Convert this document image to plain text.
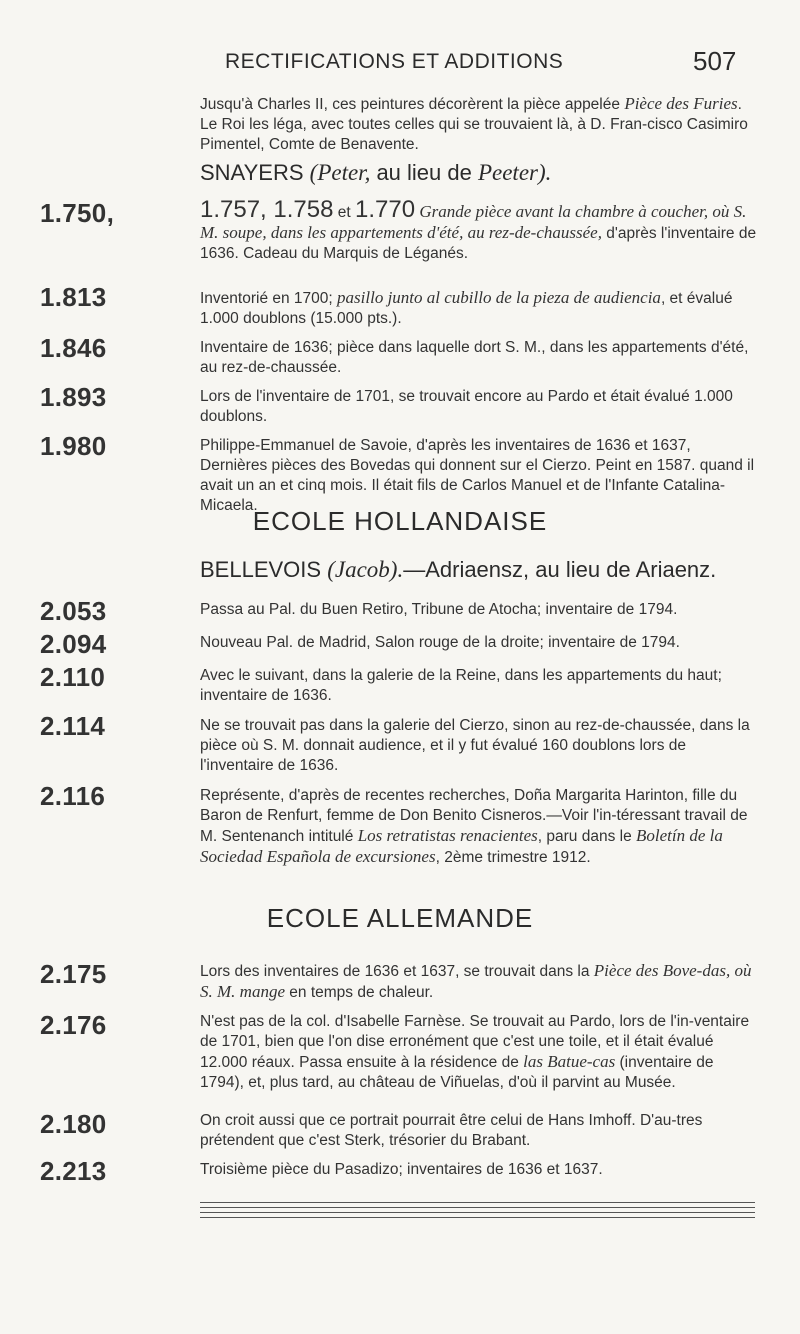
RECTIFICATIONS ET ADDITIONS	507
Jusqu'à Charles II, ces peintures décorèrent la pièce appelée Pièce des Furies. Le Roi les léga, avec toutes celles qui se trouvaient là, à D. Fran-cisco Casimiro Pimentel, Comte de Benavente.
SNAYERS (Peter, au lieu de Peeter).
1.750,	1.757, 1.758 et 1.770 Grande pièce avant la chambre à coucher, où S. M. soupe, dans les appartements d'été, au rez-de-chaussée, d'après l'inventaire de 1636. Cadeau du Marquis de Léganés.
1.813	Inventorié en 1700; pasillo junto al cubillo de la pieza de audiencia, et évalué 1.000 doublons (15.000 pts.).
1.846	Inventaire de 1636; pièce dans laquelle dort S. M., dans les appartements d'été, au rez-de-chaussée.
1.893	Lors de l'inventaire de 1701, se trouvait encore au Pardo et était évalué 1.000 doublons.
1.980	Philippe-Emmanuel de Savoie, d'après les inventaires de 1636 et 1637, Dernières pièces des Bovedas qui donnent sur el Cierzo. Peint en 1587. quand il avait un an et cinq mois. Il était fils de Carlos Manuel et de l'Infante Catalina-Micaela.
ECOLE HOLLANDAISE
BELLEVOIS (Jacob).—Adriaensz, au lieu de Ariaenz.
2.053	Passa au Pal. du Buen Retiro, Tribune de Atocha; inventaire de 1794.
2.094	Nouveau Pal. de Madrid, Salon rouge de la droite; inventaire de 1794.
2.110	Avec le suivant, dans la galerie de la Reine, dans les appartements du haut; inventaire de 1636.
2.114	Ne se trouvait pas dans la galerie del Cierzo, sinon au rez-de-chaussée, dans la pièce où S. M. donnait audience, et il y fut évalué 160 doublons lors de l'inventaire de 1636.
2.116	Représente, d'après de recentes recherches, Doña Margarita Harinton, fille du Baron de Renfurt, femme de Don Benito Cisneros.—Voir l'in-téressant travail de M. Sentenanch intitulé Los retratistas renacientes, paru dans le Boletín de la Sociedad Española de excursiones, 2ème trimestre 1912.
ECOLE ALLEMANDE
2.175	Lors des inventaires de 1636 et 1637, se trouvait dans la Pièce des Bove-das, où S. M. mange en temps de chaleur.
2.176	N'est pas de la col. d'Isabelle Farnèse. Se trouvait au Pardo, lors de l'in-ventaire de 1701, bien que l'on dise erronément que c'est une toile, et il était évalué 12.000 réaux. Passa ensuite à la résidence de las Batue-cas (inventaire de 1794), et, plus tard, au château de Viñuelas, d'où il parvint au Musée.
2.180	On croit aussi que ce portrait pourrait être celui de Hans Imhoff. D'au-tres prétendent que c'est Sterk, trésorier du Brabant.
2.213	Troisième pièce du Pasadizo; inventaires de 1636 et 1637.
